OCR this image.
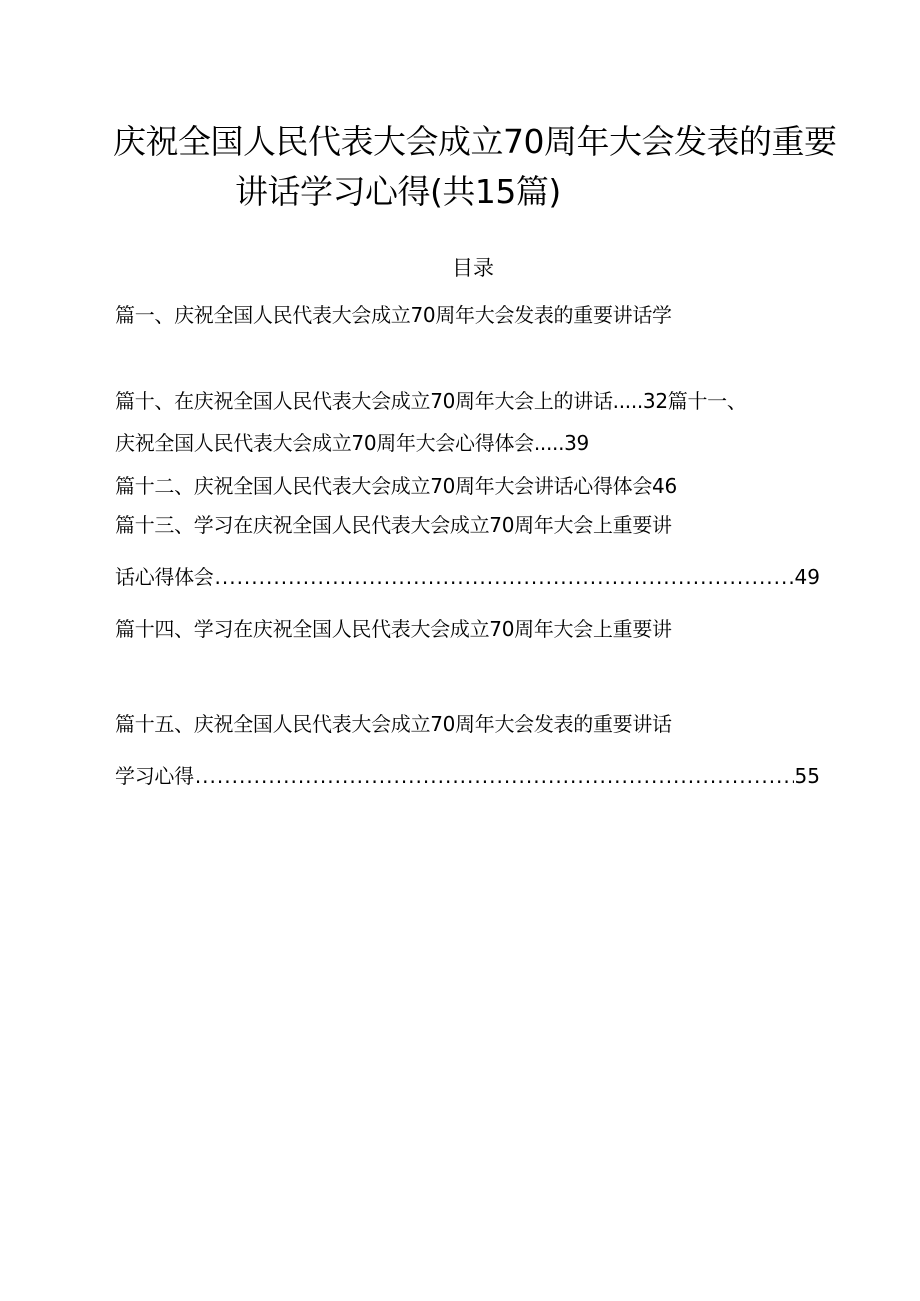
庆祝全国人民代表大会成立70周年大会发表的重要
讲话学习心得(共15篇)
目录
篇一、庆祝全国人民代表大会成立70周年大会发表的重要讲话学
篇十、在庆祝全国人民代表大会成立70周年大会上的讲话.....32篇十一、
庆祝全国人民代表大会成立70周年大会心得体会.....39
篇十二、庆祝全国人民代表大会成立70周年大会讲话心得体会46
篇十三、学习在庆祝全国人民代表大会成立70周年大会上重要讲
话心得体会 .....	49
篇十四、学习在庆祝全国人民代表大会成立70周年大会上重要讲
篇十五、庆祝全国人民代表大会成立70周年大会发表的重要讲话
学习心得 .....	55
